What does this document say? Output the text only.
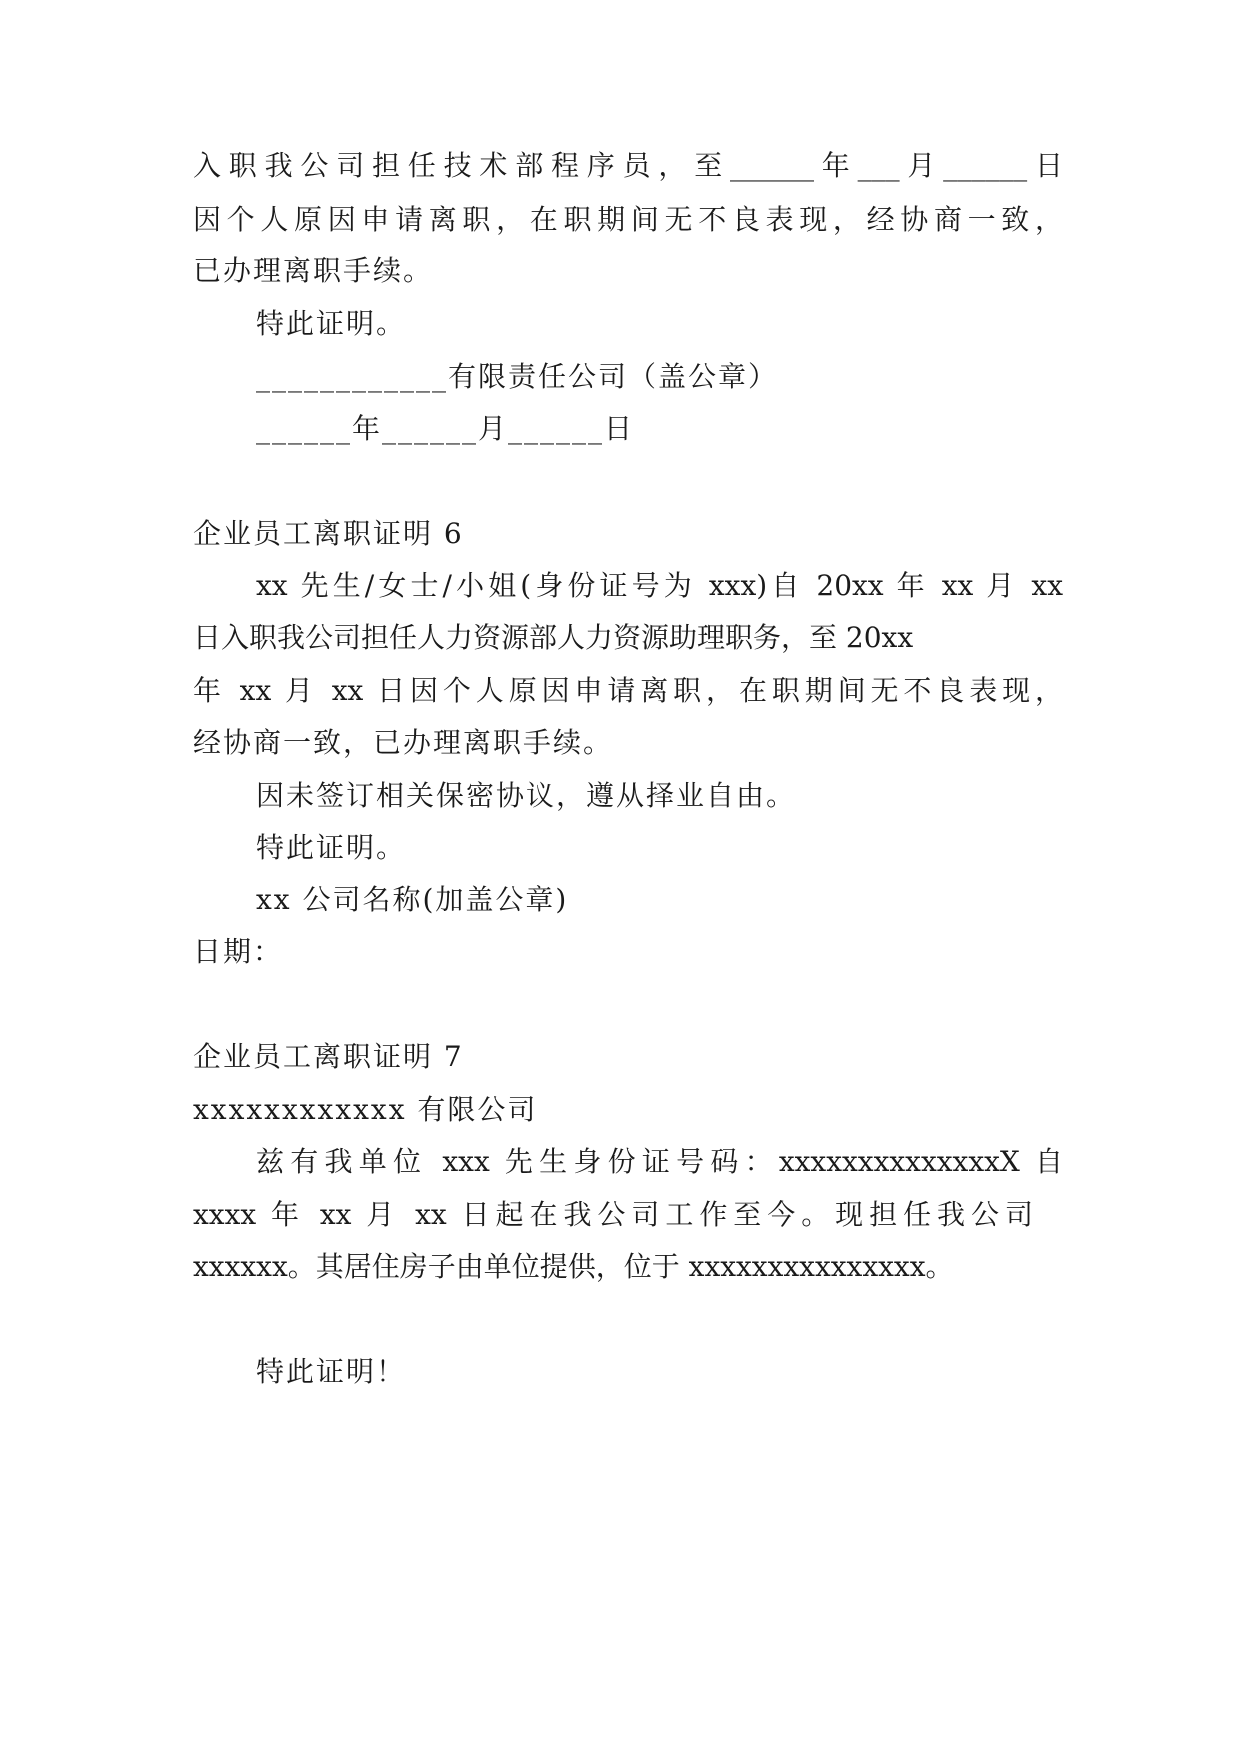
入职我公司担任技术部程序员，至______年___月______日
因个人原因申请离职，在职期间无不良表现，经协商一致，
已办理离职手续。
特此证明。
____________有限责任公司（盖公章）
______年______月______日
企业员工离职证明 6
xx 先生/女士/小姐(身份证号为 xxx)自 20xx 年 xx 月 xx
日入职我公司担任人力资源部人力资源助理职务，至 20xx
年 xx 月 xx 日因个人原因申请离职，在职期间无不良表现，
经协商一致，已办理离职手续。
因未签订相关保密协议，遵从择业自由。
特此证明。
xx 公司名称(加盖公章)
日期：
企业员工离职证明 7
xxxxxxxxxxxx 有限公司
兹有我单位 xxx 先生身份证号码：xxxxxxxxxxxxxxX 自
xxxx 年 xx 月 xx 日起在我公司工作至今。现担任我公司
xxxxxx。其居住房子由单位提供，位于 xxxxxxxxxxxxxxx。
特此证明！
